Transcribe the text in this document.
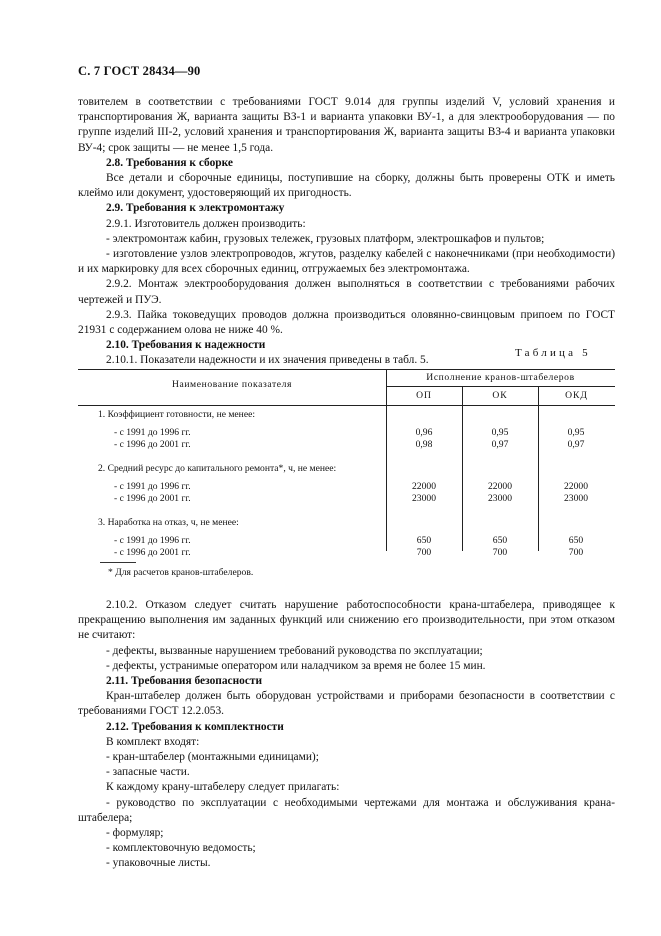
С. 7 ГОСТ 28434—90

товителем в соответствии с требованиями ГОСТ 9.014 для группы изделий V, условий хранения и транспортирования Ж, варианта защиты ВЗ-1 и варианта упаковки ВУ-1, а для электрооборудования — по группе изделий III-2, условий хранения и транспортирования Ж, варианта защиты ВЗ-4 и варианта упаковки ВУ-4; срок защиты — не менее 1,5 года.

2.8. Требования к сборке

Все детали и сборочные единицы, поступившие на сборку, должны быть проверены ОТК и иметь клеймо или документ, удостоверяющий их пригодность.

2.9. Требования к электромонтажу

2.9.1. Изготовитель должен производить:

- электромонтаж кабин, грузовых тележек, грузовых платформ, электрошкафов и пультов;

- изготовление узлов электропроводов, жгутов, разделку кабелей с наконечниками (при необходимости) и их маркировку для всех сборочных единиц, отгружаемых без электромонтажа.

2.9.2. Монтаж электрооборудования должен выполняться в соответствии с требованиями рабочих чертежей и ПУЭ.

2.9.3. Пайка токоведущих проводов должна производиться оловянно-свинцовым припоем по ГОСТ 21931 с содержанием олова не ниже 40 %.

2.10. Требования к надежности

2.10.1. Показатели надежности и их значения приведены в табл. 5.

Таблица 5
Наименование показателя
Исполнение кранов-штабелеров
ОП	ОК	ОКД
1. Коэффициент готовности, не менее:
- с 1991 до 1996 гг.	0,96	0,95	0,95
- с 1996 до 2001 гг.	0,98	0,97	0,97
2. Средний ресурс до капитального ремонта*, ч, не менее:
- с 1991 до 1996 гг.	22000	22000	22000
- с 1996 до 2001 гг.	23000	23000	23000
3. Наработка на отказ, ч, не менее:
- с 1991 до 1996 гг.	650	650	650
- с 1996 до 2001 гг.	700	700	700
* Для расчетов кранов-штабелеров.

2.10.2. Отказом следует считать нарушение работоспособности крана-штабелера, приводящее к прекращению выполнения им заданных функций или снижению его производительности, при этом отказом не считают:

- дефекты, вызванные нарушением требований руководства по эксплуатации;

- дефекты, устранимые оператором или наладчиком за время не более 15 мин.

2.11. Требования безопасности

Кран-штабелер должен быть оборудован устройствами и приборами безопасности в соответствии с требованиями ГОСТ 12.2.053.

2.12. Требования к комплектности

В комплект входят:

- кран-штабелер (монтажными единицами);

- запасные части.

К каждому крану-штабелеру следует прилагать:

- руководство по эксплуатации с необходимыми чертежами для монтажа и обслуживания крана-штабелера;

- формуляр;

- комплектовочную ведомость;

- упаковочные листы.
